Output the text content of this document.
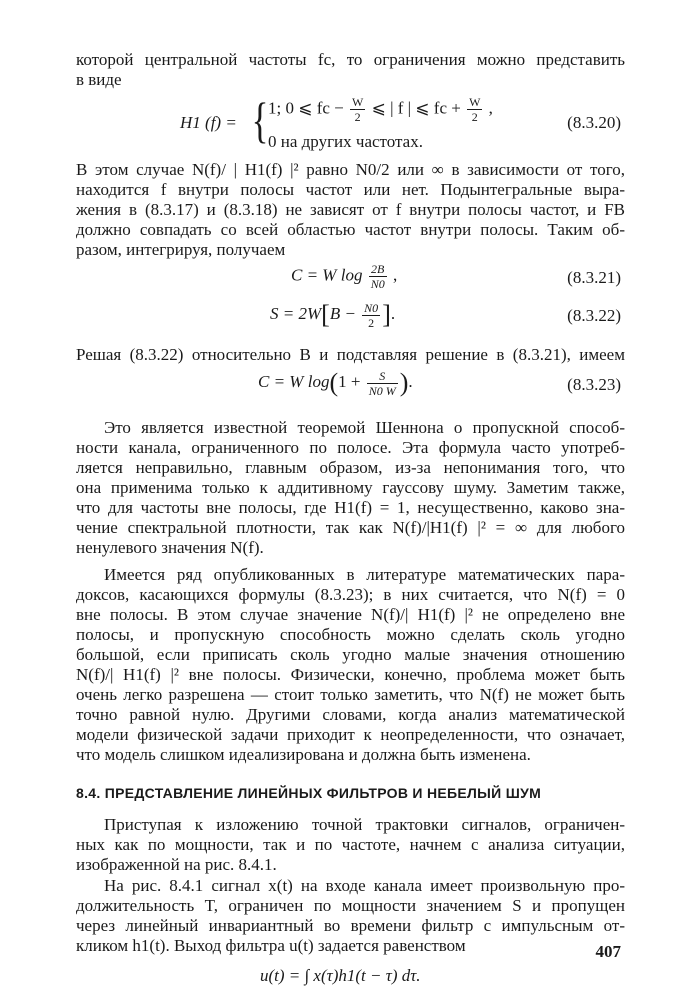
которой центральной частоты fc, то ограничения можно представить
в виде
H1 (f) = { 1; 0 ⩽ fc − $\frac{W}{2}$ ⩽ | f | ⩽ fc + $\frac{W}{2}$ ,
0 на других частотах.
(8.3.20)
В этом случае N(f)/ | H1(f) |² равно N0/2 или ∞ в зависимости от того,
находится f внутри полосы частот или нет. Подынтегральные выра-
жения в (8.3.17) и (8.3.18) не зависят от f внутри полосы частот, и FB
должно совпадать со всей областью частот внутри полосы. Таким об-
разом, интегрируя, получаем
C = W $\log \frac{2B}{N0}$ ,	(8.3.21)
$S = 2W[B - \frac{N0}{2}$ ].	(8.3.22)
Решая (8.3.22) относительно B и подставляя решение в (8.3.21), имеем
C = W $\log(1 + \frac{S}{N0 W}$ ).	(8.3.23)
Это является известной теоремой Шеннона о пропускной способ-
ности канала, ограниченного по полосе. Эта формула часто употреб-
ляется неправильно, главным образом, из-за непонимания того, что
она применима только к аддитивному гауссову шуму. Заметим также,
что для частоты вне полосы, где H1(f) = 1, несущественно, каково зна-
чение спектральной плотности, так как N(f)/|H1(f) |² = ∞ для любого
ненулевого значения N(f).
Имеется ряд опубликованных в литературе математических пара-
доксов, касающихся формулы (8.3.23); в них считается, что N(f) = 0
вне полосы. В этом случае значение N(f)/| H1(f) |² не определено вне
полосы, и пропускную способность можно сделать сколь угодно
большой, если приписать сколь угодно малые значения отношению
N(f)/| H1(f) |² вне полосы. Физически, конечно, проблема может быть
очень легко разрешена — стоит только заметить, что N(f) не может быть
точно равной нулю. Другими словами, когда анализ математической
модели физической задачи приходит к неопределенности, что означает,
что модель слишком идеализирована и должна быть изменена.
8.4. ПРЕДСТАВЛЕНИЕ ЛИНЕЙНЫХ ФИЛЬТРОВ И НЕБЕЛЫЙ ШУМ
Приступая к изложению точной трактовки сигналов, ограничен-
ных как по мощности, так и по частоте, начнем с анализа ситуации,
изображенной на рис. 8.4.1.
На рис. 8.4.1 сигнал x(t) на входе канала имеет произвольную про-
должительность T, ограничен по мощности значением S и пропущен
через линейный инвариантный во времени фильтр с импульсным от-
кликом h1(t). Выход фильтра u(t) задается равенством
u(t) = ∫ x(τ)h1(t − τ) dτ.
407
